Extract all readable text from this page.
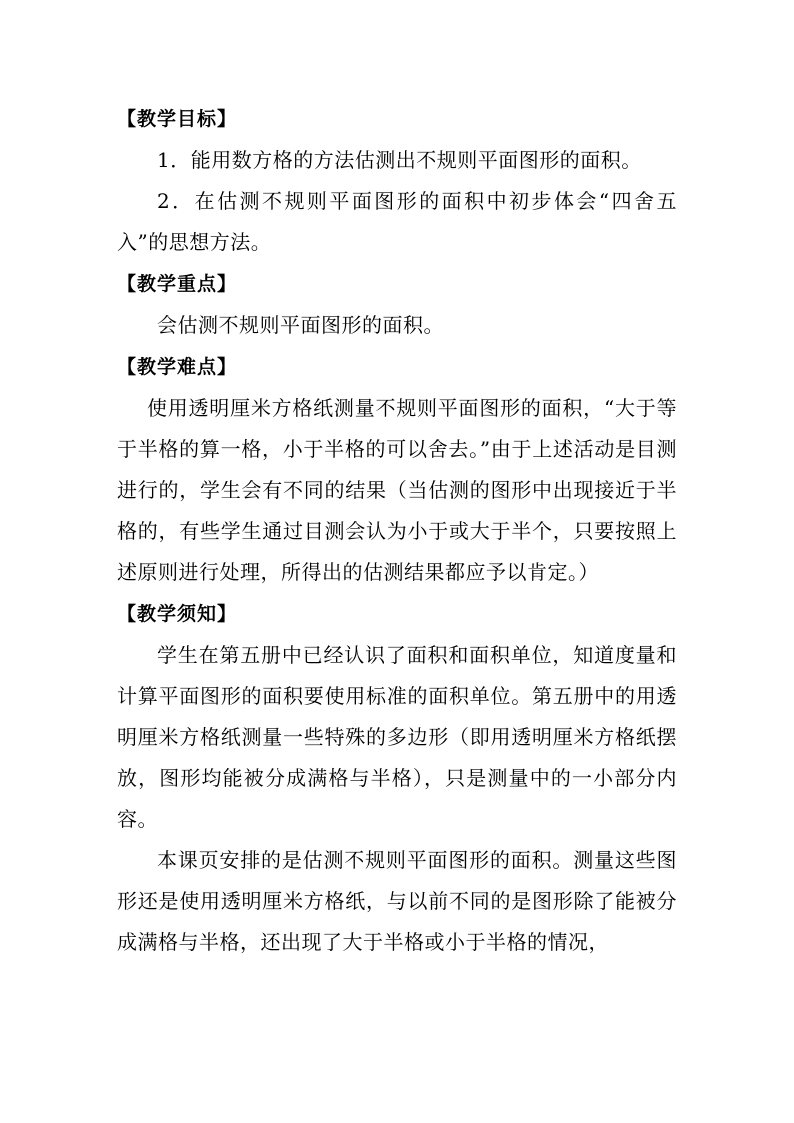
【教学目标】

1．能用数方格的方法估测出不规则平面图形的面积。

2．在估测不规则平面图形的面积中初步体会“四舍五入”的思想方法。

【教学重点】

会估测不规则平面图形的面积。

【教学难点】

使用透明厘米方格纸测量不规则平面图形的面积，“大于等于半格的算一格，小于半格的可以舍去。”由于上述活动是目测进行的，学生会有不同的结果（当估测的图形中出现接近于半格的，有些学生通过目测会认为小于或大于半个，只要按照上述原则进行处理，所得出的估测结果都应予以肯定。）

【教学须知】

学生在第五册中已经认识了面积和面积单位，知道度量和计算平面图形的面积要使用标准的面积单位。第五册中的用透明厘米方格纸测量一些特殊的多边形（即用透明厘米方格纸摆放，图形均能被分成满格与半格），只是测量中的一小部分内容。

本课页安排的是估测不规则平面图形的面积。测量这些图形还是使用透明厘米方格纸，与以前不同的是图形除了能被分成满格与半格，还出现了大于半格或小于半格的情况，
